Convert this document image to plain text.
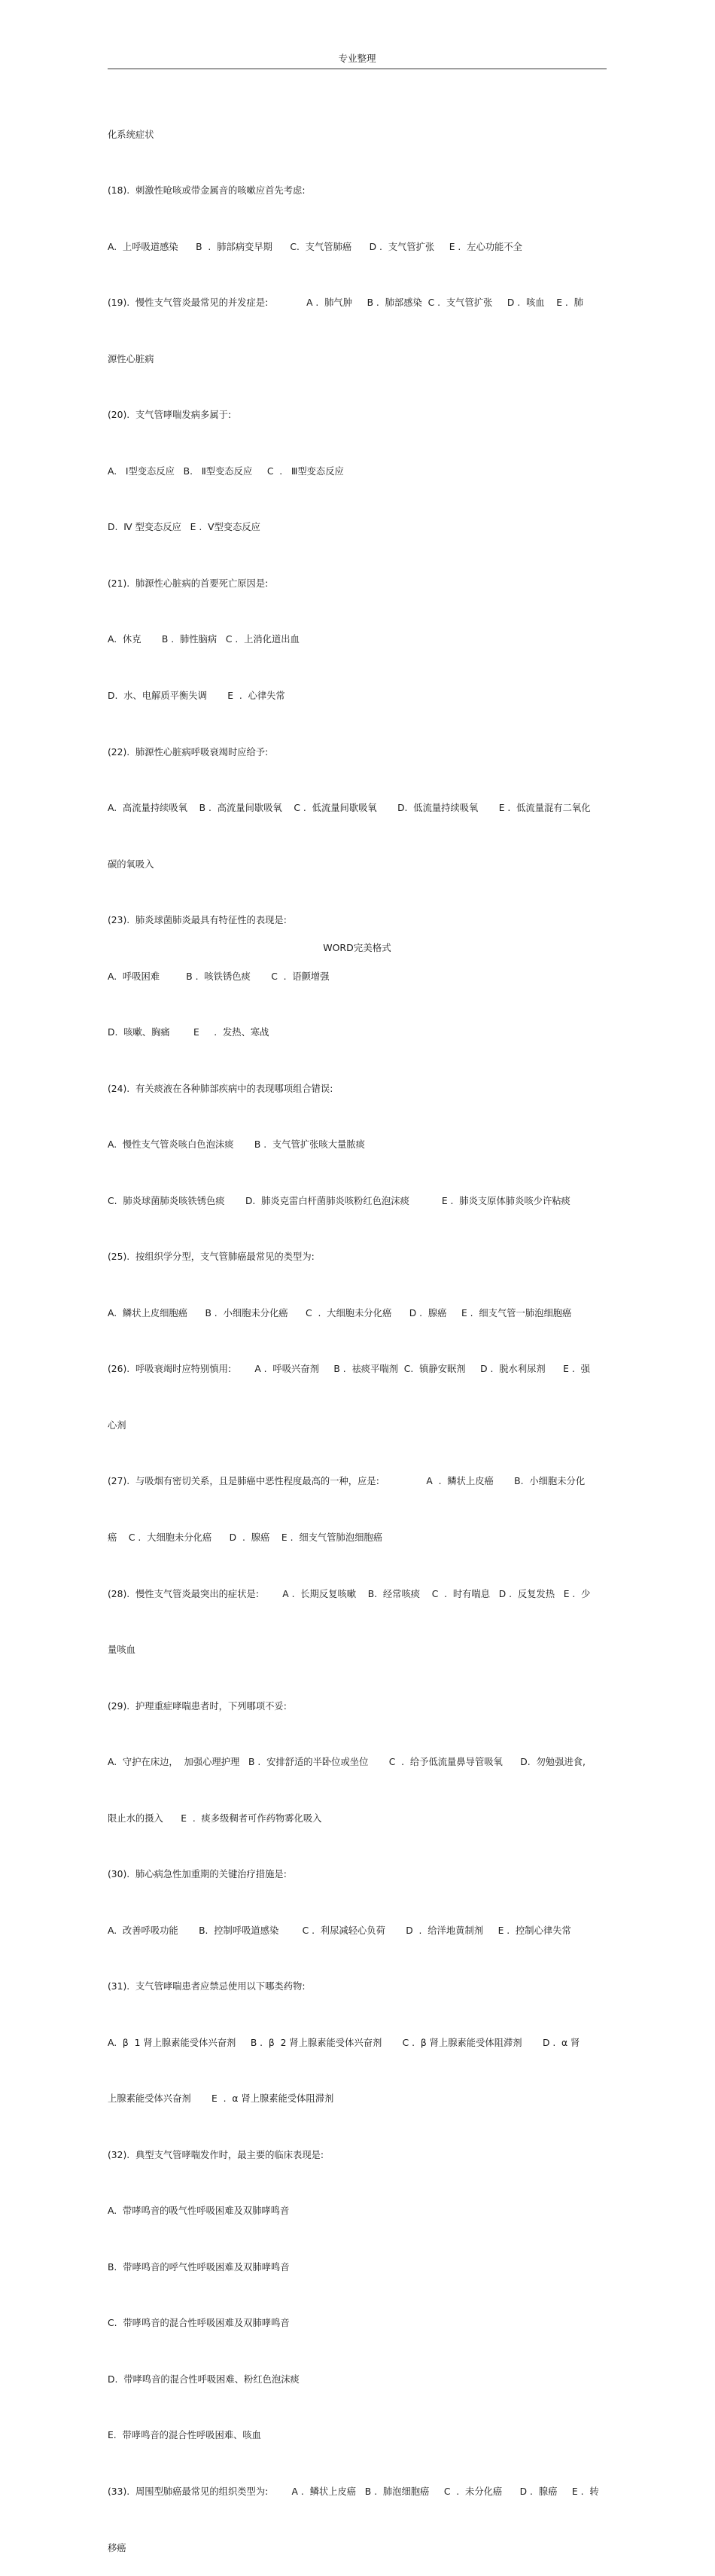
专业整理

化系统症状

(18).  刺激性呛咳或带金属音的咳嗽应首先考虑:

A.  上呼吸道感染      B  .  肺部病变早期      C.  支气管肺癌      D .  支气管扩张     E .  左心功能不全

(19).  慢性支气管炎最常见的并发症是:             A .  肺气肿     B .  肺部感染  C .  支气管扩张     D .  咳血    E .  肺

源性心脏病

(20).  支气管哮喘发病多属于:

A.   Ⅰ型变态反应   B.   Ⅱ型变态反应     C  .   Ⅲ型变态反应

D.  Ⅳ 型变态反应   E .  Ⅴ型变态反应

(21).  肺源性心脏病的首要死亡原因是:

A.  休克       B .  肺性脑病   C .  上消化道出血

D.  水、电解质平衡失调       E  .  心律失常

(22).  肺源性心脏病呼吸衰竭时应给予:

A.  高流量持续吸氧    B .  高流量间歇吸氧    C .  低流量间歇吸氧       D.  低流量持续吸氧       E .  低流量混有二氧化

碳的氧吸入

(23).  肺炎球菌肺炎最具有特征性的表现是:

A.  呼吸困难         B .  咳铁锈色痰       C  .  语颤增强

D.  咳嗽、胸痛        E     .  发热、寒战

(24).  有关痰液在各种肺部疾病中的表现哪项组合错误:

A.  慢性支气管炎咳白色泡沫痰       B .  支气管扩张咳大量脓痰

C.  肺炎球菌肺炎咳铁锈色痰       D.  肺炎克雷白杆菌肺炎咳粉红色泡沫痰           E .  肺炎支原体肺炎咳少许粘痰

(25).  按组织学分型，支气管肺癌最常见的类型为:

A.  鳞状上皮细胞癌      B .  小细胞未分化癌      C  .  大细胞未分化癌      D .  腺癌     E .  细支气管一肺泡细胞癌

(26).  呼吸衰竭时应特别慎用:        A .  呼吸兴奋剂     B .  祛痰平喘剂  C.  镇静安眠剂     D .  脱水利尿剂      E .  强

心剂

(27).  与吸烟有密切关系，且是肺癌中恶性程度最高的一种，应是:                A  .  鳞状上皮癌       B.  小细胞未分化

癌    C .  大细胞未分化癌      D  .  腺癌    E .  细支气管肺泡细胞癌

(28).  慢性支气管炎最突出的症状是:        A .  长期反复咳嗽    B.  经常咳痰    C  .  时有喘息   D .  反复发热   E .  少

量咳血

(29).  护理重症哮喘患者时，下列哪项不妥:

A.  守护在床边，  加强心理护理   B .  安排舒适的半卧位或坐位       C  .  给予低流量鼻导管吸氧      D.  勿勉强进食,

限止水的摄入      E  .  痰多级稠者可作药物雾化吸入

(30).  肺心病急性加重期的关键治疗措施是:

A.  改善呼吸功能       B.  控制呼吸道感染        C .  利尿减轻心负荷       D  .  给洋地黄制剂     E .  控制心律失常

(31).  支气管哮喘患者应禁忌使用以下哪类药物:

A.  β  1 肾上腺素能受体兴奋剂     B .  β  2 肾上腺素能受体兴奋剂       C .  β 肾上腺素能受体阻滞剂       D .  α 肾

上腺素能受体兴奋剂       E  .  α 肾上腺素能受体阻滞剂

(32).  典型支气管哮喘发作时，最主要的临床表现是:

A.  带哮鸣音的吸气性呼吸困难及双肺哮鸣音

B.  带哮鸣音的呼气性呼吸困难及双肺哮鸣音

C.  带哮鸣音的混合性呼吸困难及双肺哮鸣音

D.  带哮鸣音的混合性呼吸困难、粉红色泡沫痰

E.  带哮鸣音的混合性呼吸困难、咳血

(33).  周围型肺癌最常见的组织类型为:        A .  鳞状上皮癌   B .  肺泡细胞癌     C  .  未分化癌      D .  腺癌     E .  转

移癌

WORD完美格式
